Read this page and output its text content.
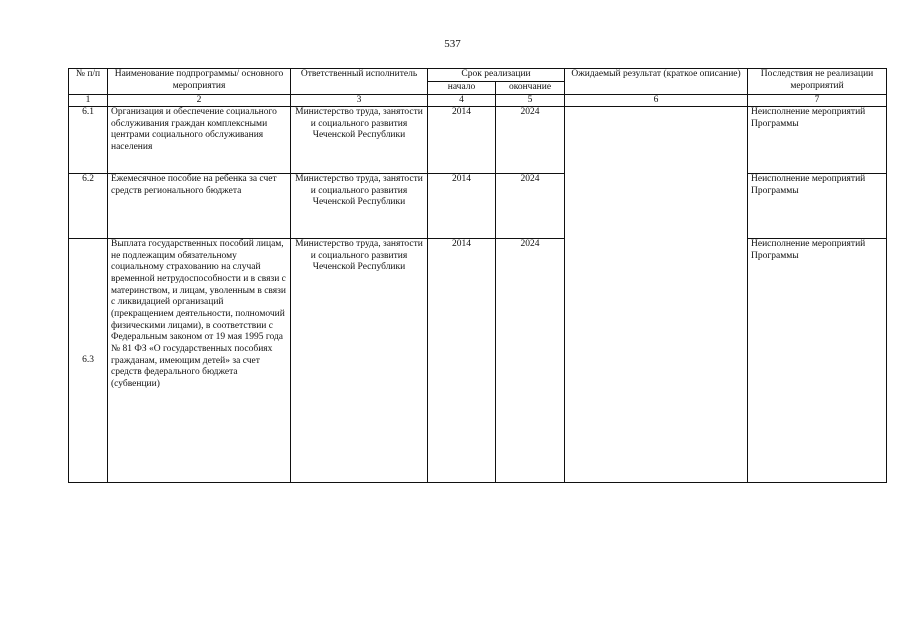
537
№ п/п	Наименование подпрограммы/ основного мероприятия	Ответственный исполнитель	Срок реализации		Ожидаемый результат (краткое описание)	Последствия не реализации мероприятий
			начало	окончание		
1	2	3	4	5	6	7
6.1	Организация и обеспечение социального обслуживания граждан комплексными центрами социального обслуживания населения	Министерство труда, занятости и социального развития Чеченской Республики	2014	2024		Неисполнение мероприятий Программы
6.2	Ежемесячное пособие на ребенка за счет средств регионального бюджета	Министерство труда, занятости и социального развития Чеченской Республики	2014	2024		Неисполнение мероприятий Программы
6.3	Выплата государственных пособий лицам, не подлежащим обязательному социальному страхованию на случай временной нетрудоспособности и в связи с материнством, и лицам, уволенным в связи с ликвидацией организаций (прекращением деятельности, полномочий физическими лицами), в соответствии с Федеральным законом от 19 мая 1995 года № 81 ФЗ «О государственных пособиях гражданам, имеющим детей» за счет средств федерального бюджета (субвенции)	Министерство труда, занятости и социального развития Чеченской Республики	2014	2024		Неисполнение мероприятий Программы
